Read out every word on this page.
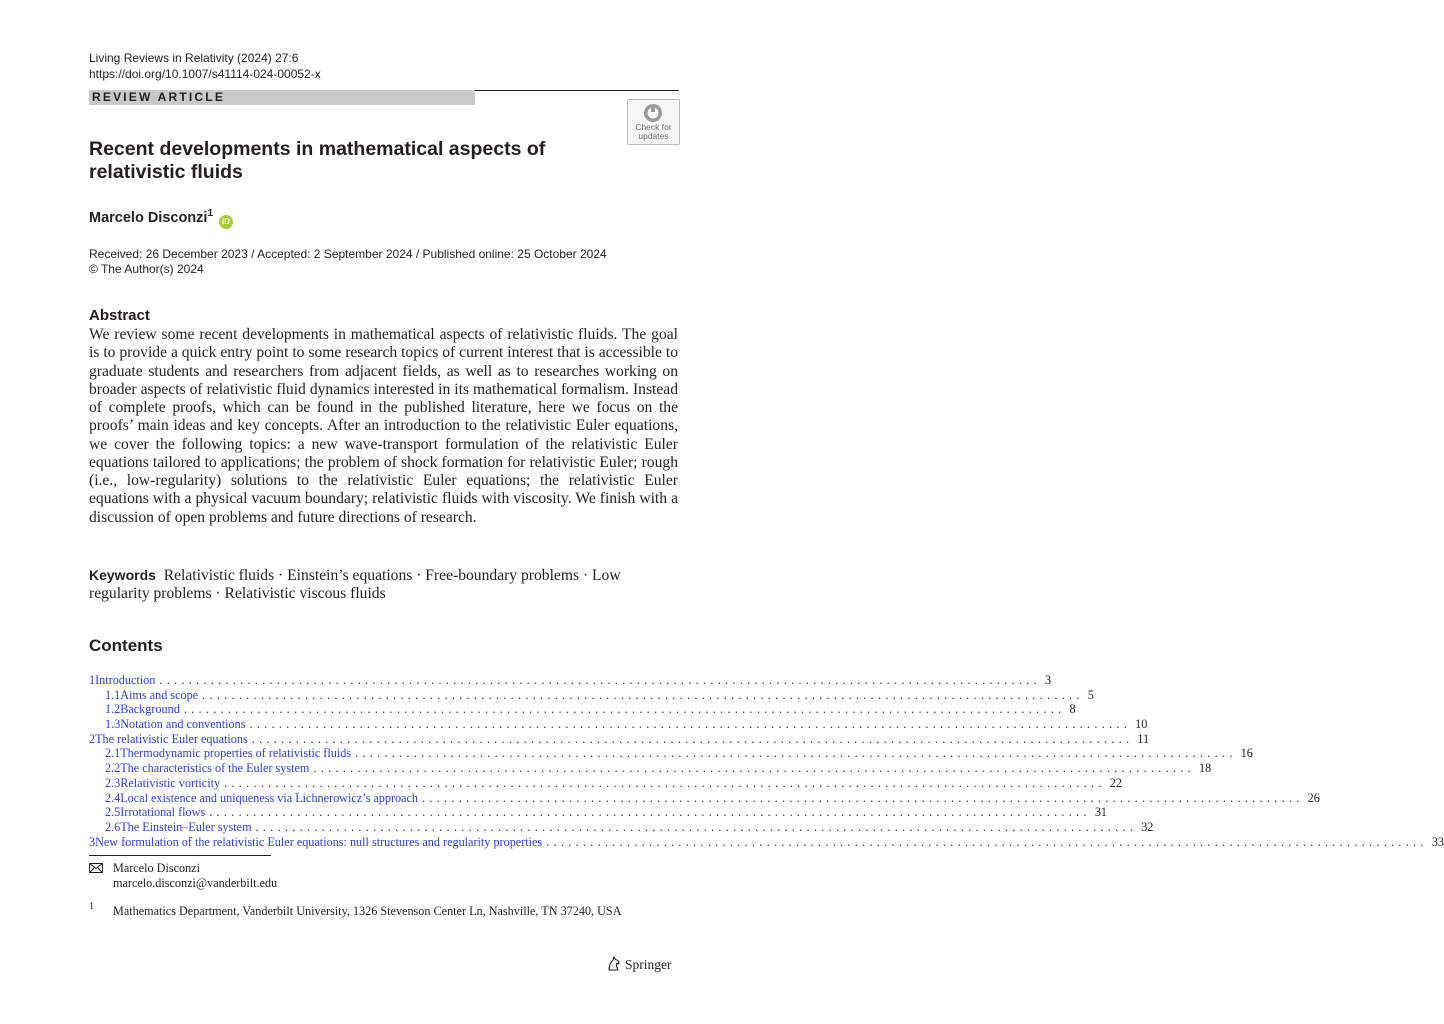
Living Reviews in Relativity (2024) 27:6
https://doi.org/10.1007/s41114-024-00052-x
REVIEW ARTICLE
Check for
updates
Recent developments in mathematical aspects of
relativistic fluids
Marcelo Disconzi$^1$ iD
Received: 26 December 2023 / Accepted: 2 September 2024 / Published online: 25 October 2024
© The Author(s) 2024
Abstract
We review some recent developments in mathematical aspects of relativistic fluids. The goal is to provide a quick entry point to some research topics of current interest that is accessible to graduate students and researchers from adjacent fields, as well as to researches working on broader aspects of relativistic fluid dynamics interested in its mathematical formalism. Instead of complete proofs, which can be found in the published literature, here we focus on the proofs’ main ideas and key concepts. After an introduction to the relativistic Euler equations, we cover the following topics: a new wave-transport formulation of the relativistic Euler equations tailored to applications; the problem of shock formation for relativistic Euler; rough (i.e., low-regularity) solutions to the relativistic Euler equations; the relativistic Euler equations with a physical vacuum boundary; relativistic fluids with viscosity. We finish with a discussion of open problems and future directions of research.
Keywords Relativistic fluids · Einstein’s equations · Free-boundary problems · Low regularity problems · Relativistic viscous fluids
Contents
1 Introduction ........................................................................................................................ 3
1.1 Aims and scope ........................................................................................................................ 5
1.2 Background ........................................................................................................................ 8
1.3 Notation and conventions ........................................................................................................................ 10
2 The relativistic Euler equations ........................................................................................................................ 11
2.1 Thermodynamic properties of relativistic fluids ........................................................................................................................ 16
2.2 The characteristics of the Euler system ........................................................................................................................ 18
2.3 Relativistic vorticity ........................................................................................................................ 22
2.4 Local existence and uniqueness via Lichnerowicz’s approach ........................................................................................................................ 26
2.5 Irrotational flows ........................................................................................................................ 31
2.6 The Einstein–Euler system ........................................................................................................................ 32
3 New formulation of the relativistic Euler equations: null structures and regularity properties ........................................................................................................................ 33
Marcelo Disconzi
marcelo.disconzi@vanderbilt.edu
1 Mathematics Department, Vanderbilt University, 1326 Stevenson Center Ln, Nashville, TN 37240, USA
Springer
